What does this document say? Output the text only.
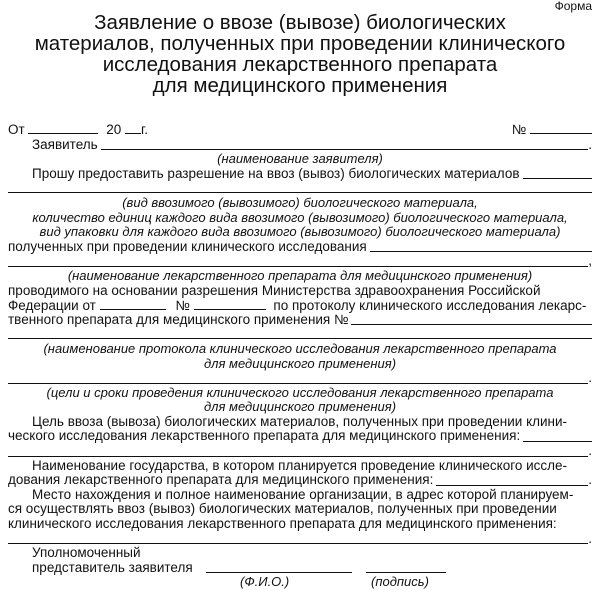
Форма
Заявление о ввозе (вывозе) биологических
материалов, полученных при проведении клинического
исследования лекарственного препарата
для медицинского применения
От	20 г.	№
Заявитель	.
(наименование заявителя)
Прошу предоставить разрешение на ввоз (вывоз) биологических материалов
(вид ввозимого (вывозимого) биологического материала,
количество единиц каждого вида ввозимого (вывозимого) биологического материала,
вид упаковки для каждого вида ввозимого (вывозимого) биологического материала)
полученных при проведении клинического исследования
,
(наименование лекарственного препарата для медицинского применения)
проводимого на основании разрешения Министерства здравоохранения Российской
Федерации от	№	по протоколу клинического исследования лекарс-
твенного препарата для медицинского применения №
(наименование протокола клинического исследования лекарственного препарата
для медицинского применения)
.
(цели и сроки проведения клинического исследования лекарственного препарата
для медицинского применения)
Цель ввоза (вывоза) биологических материалов, полученных при проведении клини-
ческого исследования лекарственного препарата для медицинского применения:
.
Наименование государства, в котором планируется проведение клинического иссле-
дования лекарственного препарата для медицинского применения:	.
Место нахождения и полное наименование организации, в адрес которой планируем-
ся осуществлять ввоз (вывоз) биологических материалов, полученных при проведении
клинического исследования лекарственного препарата для медицинского применения:
.
Уполномоченный
представитель заявителя
(Ф.И.О.)	(подпись)
